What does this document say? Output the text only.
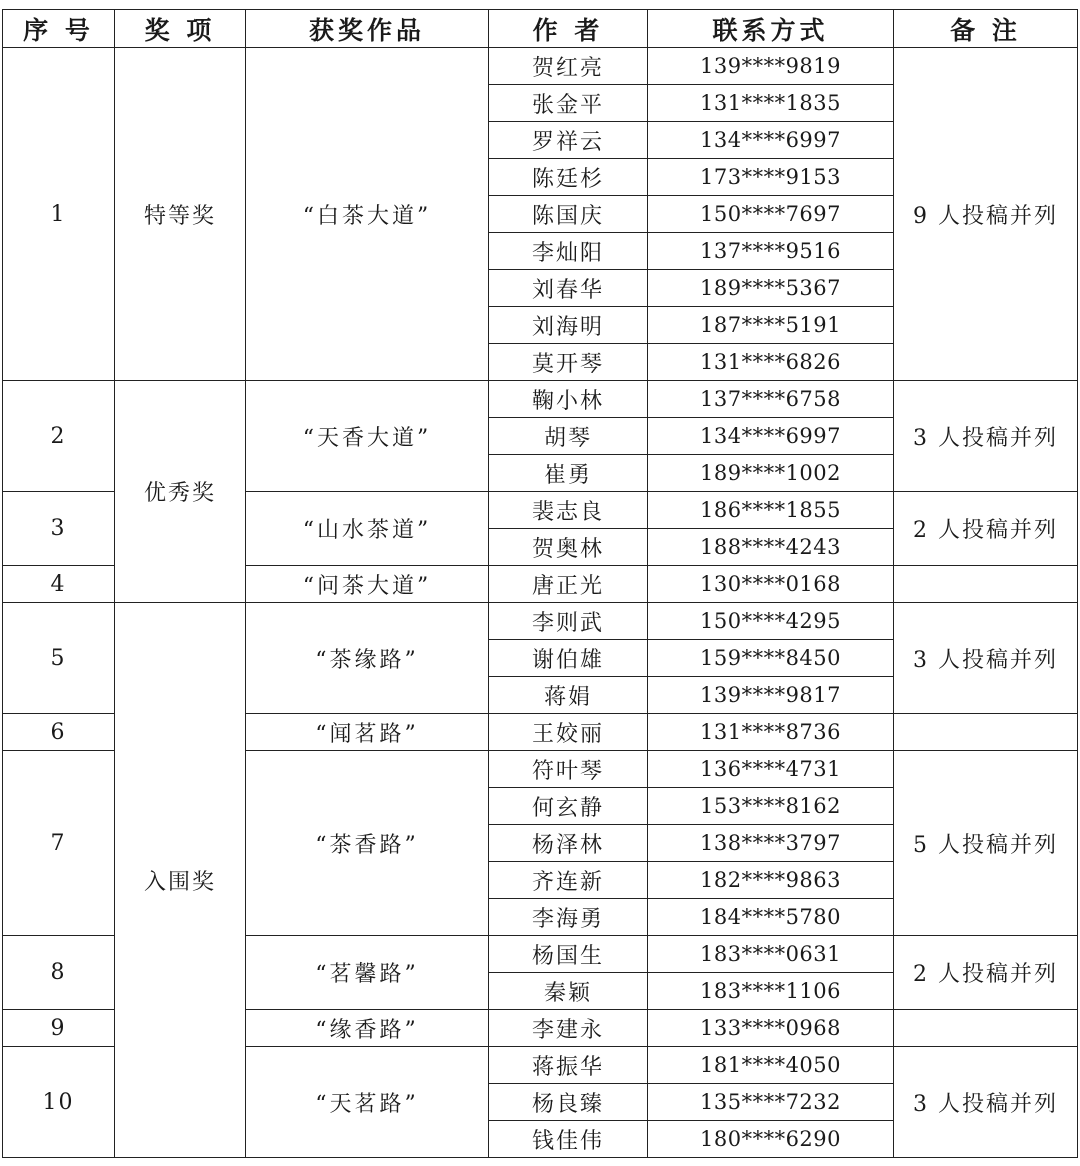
序 号	奖 项	获奖作品	作 者	联系方式	备 注
1	特等奖	“白茶大道”	贺红亮	139****9819	9 人投稿并列
			张金平	131****1835	
			罗祥云	134****6997	
			陈廷杉	173****9153	
			陈国庆	150****7697	
			李灿阳	137****9516	
			刘春华	189****5367	
			刘海明	187****5191	
			莫开琴	131****6826	
2	优秀奖	“天香大道”	鞠小林	137****6758	3 人投稿并列
			胡琴	134****6997	
			崔勇	189****1002	
3		“山水茶道”	裴志良	186****1855	2 人投稿并列
			贺奥林	188****4243	
4		“问茶大道”	唐正光	130****0168	
5	入围奖	“茶缘路”	李则武	150****4295	3 人投稿并列
			谢伯雄	159****8450	
			蒋娟	139****9817	
6		“闻茗路”	王姣丽	131****8736	
7		“茶香路”	符叶琴	136****4731	5 人投稿并列
			何玄静	153****8162	
			杨泽林	138****3797	
			齐连新	182****9863	
			李海勇	184****5780	
8		“茗馨路”	杨国生	183****0631	2 人投稿并列
			秦颖	183****1106	
9		“缘香路”	李建永	133****0968	
10		“天茗路”	蒋振华	181****4050	3 人投稿并列
			杨良臻	135****7232	
			钱佳伟	180****6290	
